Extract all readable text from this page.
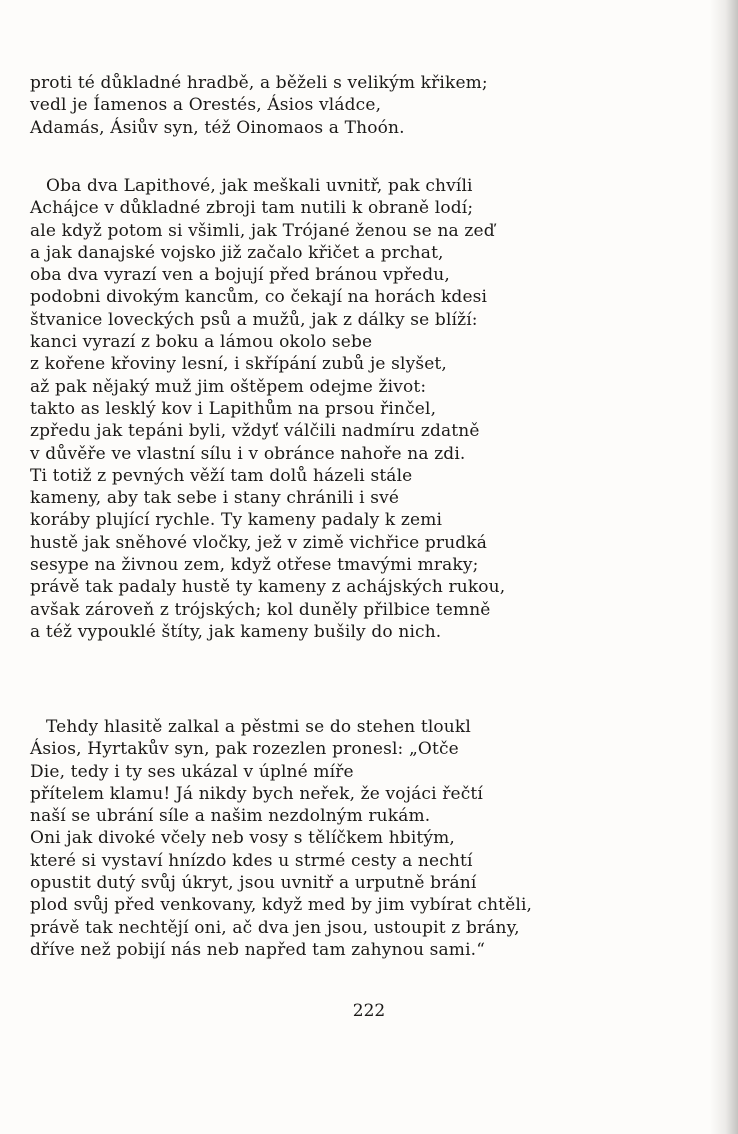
proti té důkladné hradbě, a běželi s velikým křikem;
vedl je Íamenos a Orestés, Ásios vládce,
Adamás, Ásiův syn, též Oinomaos a Thoón.
Oba dva Lapithové, jak meškali uvnitř, pak chvíli
Achájce v důkladné zbroji tam nutili k obraně lodí;
ale když potom si všimli, jak Trójané ženou se na zeď
a jak danajské vojsko již začalo křičet a prchat,
oba dva vyrazí ven a bojují před bránou vpředu,
podobni divokým kancům, co čekají na horách kdesi
štvanice loveckých psů a mužů, jak z dálky se blíží:
kanci vyrazí z boku a lámou okolo sebe
z kořene křoviny lesní, i skřípání zubů je slyšet,
až pak nějaký muž jim oštěpem odejme život:
takto as lesklý kov i Lapithům na prsou řinčel,
zpředu jak tepáni byli, vždyť válčili nadmíru zdatně
v důvěře ve vlastní sílu i v obránce nahoře na zdi.
Ti totiž z pevných věží tam dolů házeli stále
kameny, aby tak sebe i stany chránili i své
koráby plující rychle. Ty kameny padaly k zemi
hustě jak sněhové vločky, jež v zimě vichřice prudká
sesype na živnou zem, když otřese tmavými mraky;
právě tak padaly hustě ty kameny z achájských rukou,
avšak zároveň z trójských; kol duněly přilbice temně
a též vypouklé štíty, jak kameny bušily do nich.
Tehdy hlasitě zalkal a pěstmi se do stehen tloukl
Ásios, Hyrtakův syn, pak rozezlen pronesl: „Otče
Die, tedy i ty ses ukázal v úplné míře
přítelem klamu! Já nikdy bych neřek, že vojáci řečtí
naší se ubrání síle a našim nezdolným rukám.
Oni jak divoké včely neb vosy s tělíčkem hbitým,
které si vystaví hnízdo kdes u strmé cesty a nechtí
opustit dutý svůj úkryt, jsou uvnitř a urputně brání
plod svůj před venkovany, když med by jim vybírat chtěli,
právě tak nechtějí oni, ač dva jen jsou, ustoupit z brány,
dříve než pobijí nás neb napřed tam zahynou sami.“
222
